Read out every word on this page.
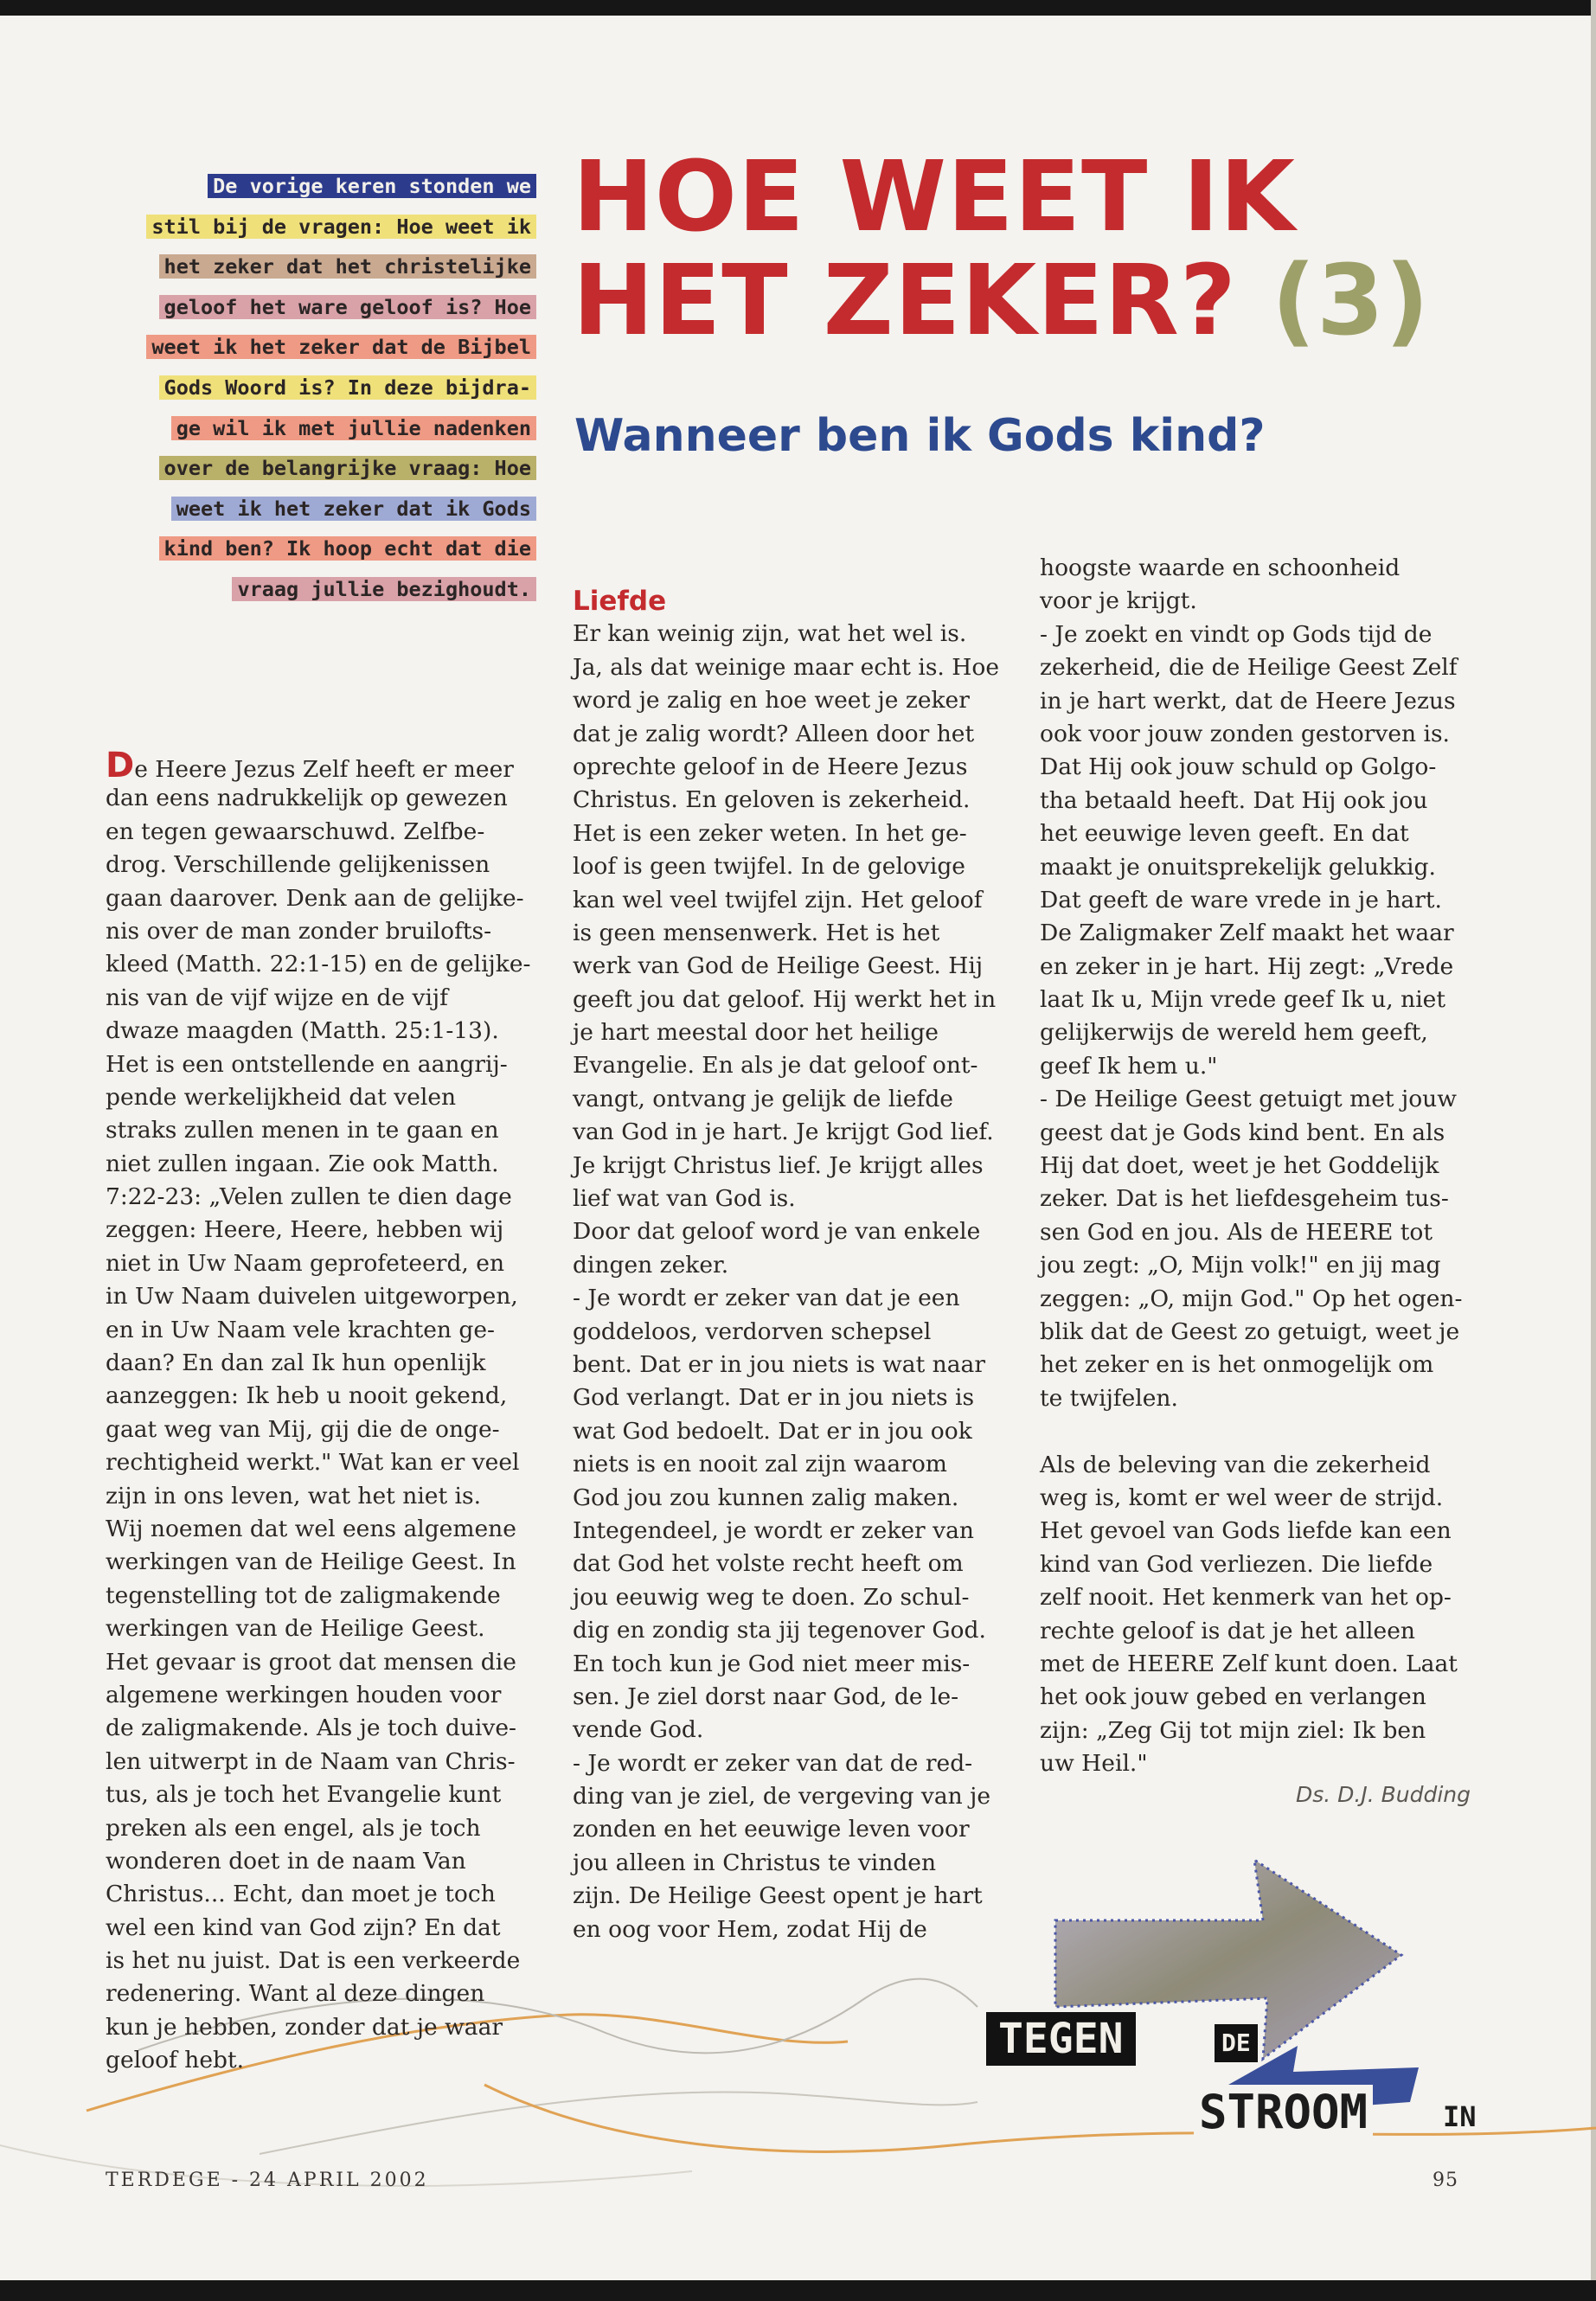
De vorige keren stonden we
stil bij de vragen: Hoe weet ik
het zeker dat het christelijke
geloof het ware geloof is? Hoe
weet ik het zeker dat de Bijbel
Gods Woord is? In deze bijdra-
ge wil ik met jullie nadenken
over de belangrijke vraag: Hoe
weet ik het zeker dat ik Gods
kind ben? Ik hoop echt dat die
vraag jullie bezighoudt.
HOE WEET IK
HET ZEKER? (3)
Wanneer ben ik Gods kind?
De Heere Jezus Zelf heeft er meer
dan eens nadrukkelijk op gewezen
en tegen gewaarschuwd. Zelfbe-
drog. Verschillende gelijkenissen
gaan daarover. Denk aan de gelijke-
nis over de man zonder bruilofts-
kleed (Matth. 22:1-15) en de gelijke-
nis van de vijf wijze en de vijf
dwaze maagden (Matth. 25:1-13).
Het is een ontstellende en aangrij-
pende werkelijkheid dat velen
straks zullen menen in te gaan en
niet zullen ingaan. Zie ook Matth.
7:22-23: „Velen zullen te dien dage
zeggen: Heere, Heere, hebben wij
niet in Uw Naam geprofeteerd, en
in Uw Naam duivelen uitgeworpen,
en in Uw Naam vele krachten ge-
daan? En dan zal Ik hun openlijk
aanzeggen: Ik heb u nooit gekend,
gaat weg van Mij, gij die de onge-
rechtigheid werkt." Wat kan er veel
zijn in ons leven, wat het niet is.
Wij noemen dat wel eens algemene
werkingen van de Heilige Geest. In
tegenstelling tot de zaligmakende
werkingen van de Heilige Geest.
Het gevaar is groot dat mensen die
algemene werkingen houden voor
de zaligmakende. Als je toch duive-
len uitwerpt in de Naam van Chris-
tus, als je toch het Evangelie kunt
preken als een engel, als je toch
wonderen doet in de naam Van
Christus... Echt, dan moet je toch
wel een kind van God zijn? En dat
is het nu juist. Dat is een verkeerde
redenering. Want al deze dingen
kun je hebben, zonder dat je waar
geloof hebt.
Liefde
Er kan weinig zijn, wat het wel is.
Ja, als dat weinige maar echt is. Hoe
word je zalig en hoe weet je zeker
dat je zalig wordt? Alleen door het
oprechte geloof in de Heere Jezus
Christus. En geloven is zekerheid.
Het is een zeker weten. In het ge-
loof is geen twijfel. In de gelovige
kan wel veel twijfel zijn. Het geloof
is geen mensenwerk. Het is het
werk van God de Heilige Geest. Hij
geeft jou dat geloof. Hij werkt het in
je hart meestal door het heilige
Evangelie. En als je dat geloof ont-
vangt, ontvang je gelijk de liefde
van God in je hart. Je krijgt God lief.
Je krijgt Christus lief. Je krijgt alles
lief wat van God is.
Door dat geloof word je van enkele
dingen zeker.
- Je wordt er zeker van dat je een
goddeloos, verdorven schepsel
bent. Dat er in jou niets is wat naar
God verlangt. Dat er in jou niets is
wat God bedoelt. Dat er in jou ook
niets is en nooit zal zijn waarom
God jou zou kunnen zalig maken.
Integendeel, je wordt er zeker van
dat God het volste recht heeft om
jou eeuwig weg te doen. Zo schul-
dig en zondig sta jij tegenover God.
En toch kun je God niet meer mis-
sen. Je ziel dorst naar God, de le-
vende God.
- Je wordt er zeker van dat de red-
ding van je ziel, de vergeving van je
zonden en het eeuwige leven voor
jou alleen in Christus te vinden
zijn. De Heilige Geest opent je hart
en oog voor Hem, zodat Hij de
hoogste waarde en schoonheid
voor je krijgt.
- Je zoekt en vindt op Gods tijd de
zekerheid, die de Heilige Geest Zelf
in je hart werkt, dat de Heere Jezus
ook voor jouw zonden gestorven is.
Dat Hij ook jouw schuld op Golgo-
tha betaald heeft. Dat Hij ook jou
het eeuwige leven geeft. En dat
maakt je onuitsprekelijk gelukkig.
Dat geeft de ware vrede in je hart.
De Zaligmaker Zelf maakt het waar
en zeker in je hart. Hij zegt: „Vrede
laat Ik u, Mijn vrede geef Ik u, niet
gelijkerwijs de wereld hem geeft,
geef Ik hem u."
- De Heilige Geest getuigt met jouw
geest dat je Gods kind bent. En als
Hij dat doet, weet je het Goddelijk
zeker. Dat is het liefdesgeheim tus-
sen God en jou. Als de HEERE tot
jou zegt: „O, Mijn volk!" en jij mag
zeggen: „O, mijn God." Op het ogen-
blik dat de Geest zo getuigt, weet je
het zeker en is het onmogelijk om
te twijfelen.
Als de beleving van die zekerheid
weg is, komt er wel weer de strijd.
Het gevoel van Gods liefde kan een
kind van God verliezen. Die liefde
zelf nooit. Het kenmerk van het op-
rechte geloof is dat je het alleen
met de HEERE Zelf kunt doen. Laat
het ook jouw gebed en verlangen
zijn: „Zeg Gij tot mijn ziel: Ik ben
uw Heil."
Ds. D.J. Budding
TEGEN	DE
STROOM	IN
TERDEGE - 24 APRIL 2002	95
